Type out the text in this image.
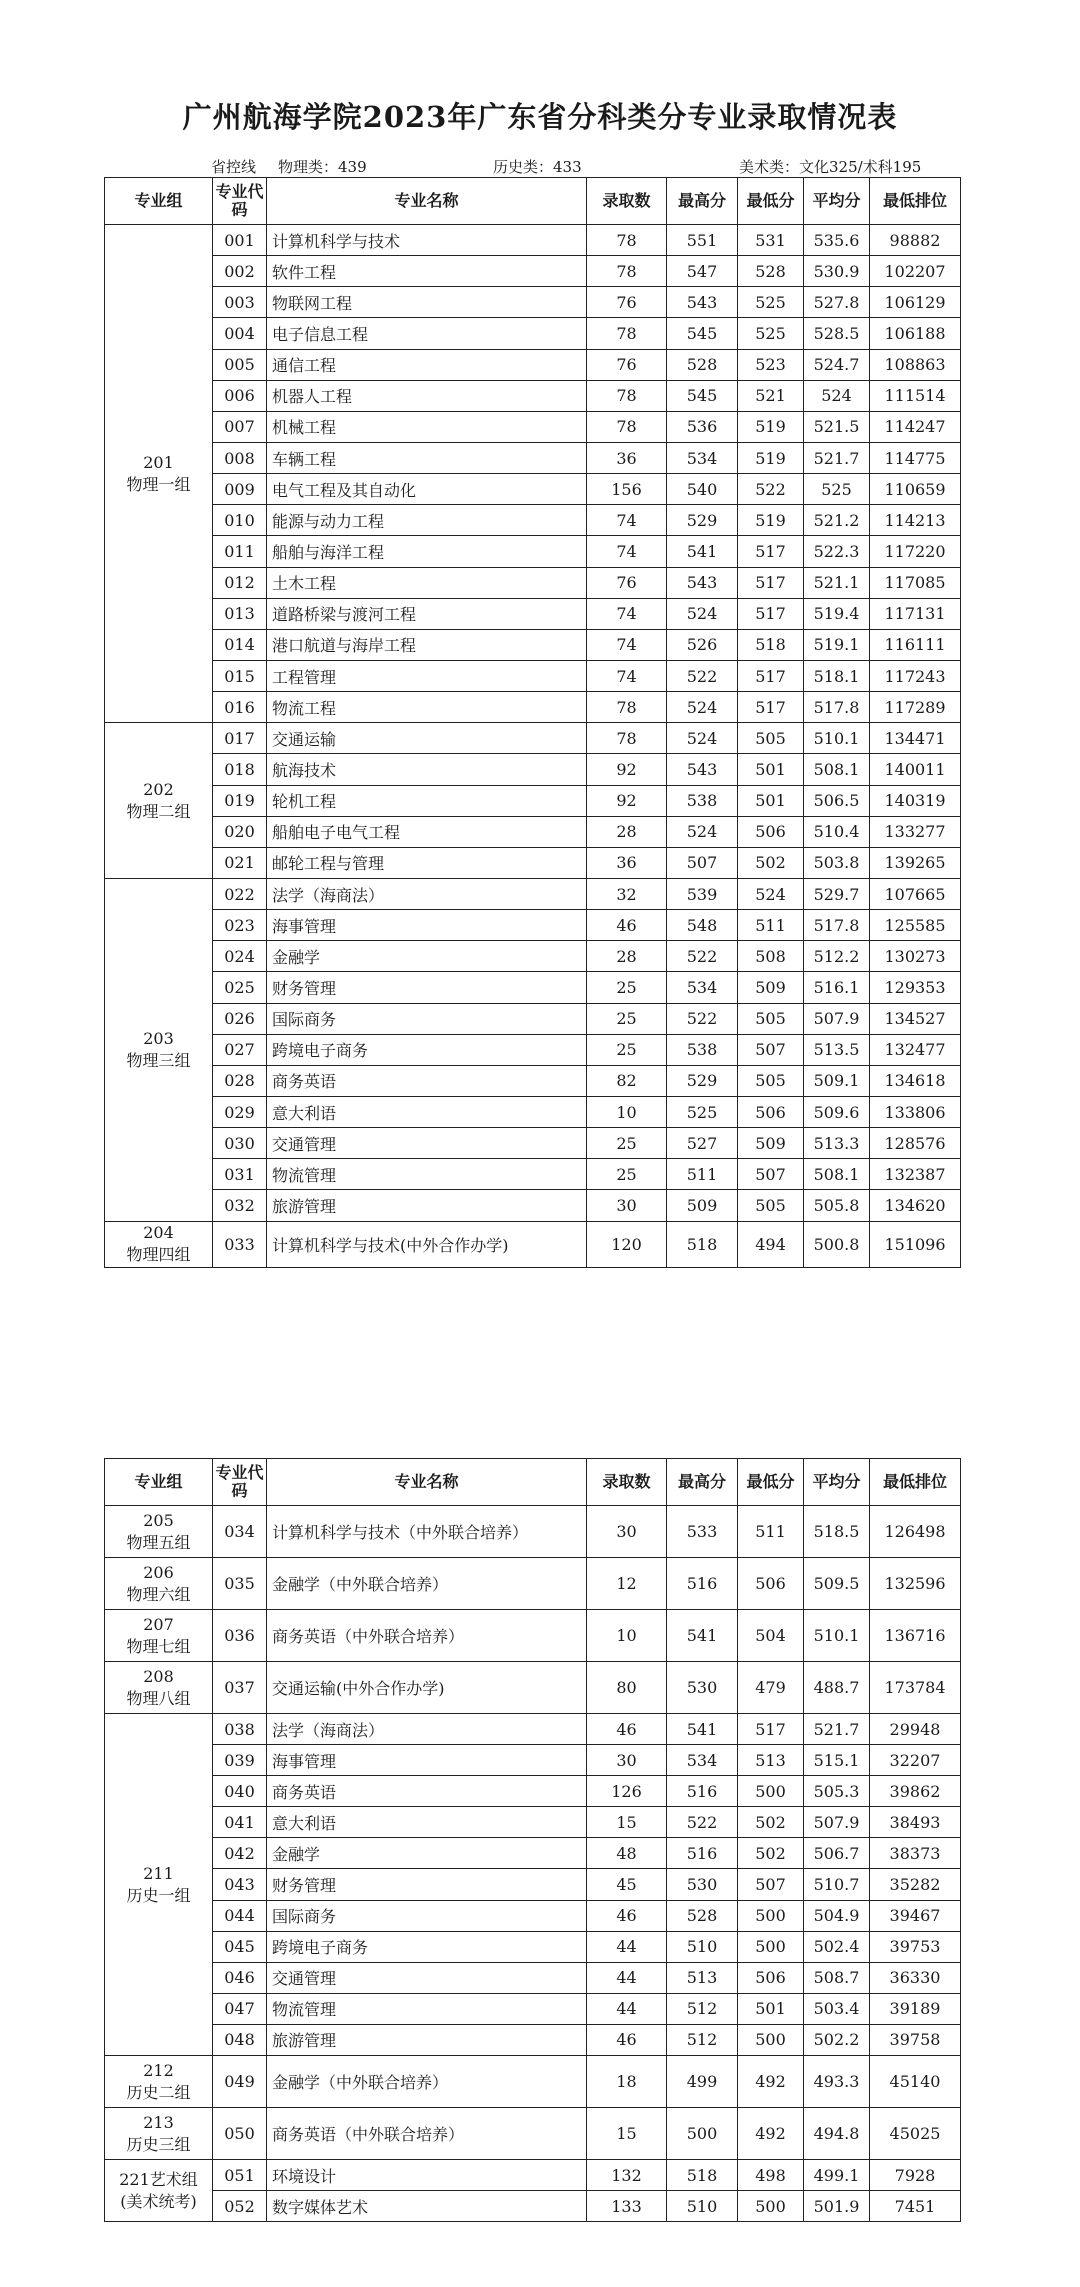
广州航海学院2023年广东省分科类分专业录取情况表
省控线 物理类：439	历史类：433	美术类：文化325/术科195
专业组	专业代码	专业名称	录取数	最高分	最低分	平均分	最低排位
201
物理一组	001	计算机科学与技术	78	551	531	535.6	98882
	002	软件工程	78	547	528	530.9	102207
	003	物联网工程	76	543	525	527.8	106129
	004	电子信息工程	78	545	525	528.5	106188
	005	通信工程	76	528	523	524.7	108863
	006	机器人工程	78	545	521	524	111514
	007	机械工程	78	536	519	521.5	114247
	008	车辆工程	36	534	519	521.7	114775
	009	电气工程及其自动化	156	540	522	525	110659
	010	能源与动力工程	74	529	519	521.2	114213
	011	船舶与海洋工程	74	541	517	522.3	117220
	012	土木工程	76	543	517	521.1	117085
	013	道路桥梁与渡河工程	74	524	517	519.4	117131
	014	港口航道与海岸工程	74	526	518	519.1	116111
	015	工程管理	74	522	517	518.1	117243
	016	物流工程	78	524	517	517.8	117289
202
物理二组	017	交通运输	78	524	505	510.1	134471
	018	航海技术	92	543	501	508.1	140011
	019	轮机工程	92	538	501	506.5	140319
	020	船舶电子电气工程	28	524	506	510.4	133277
	021	邮轮工程与管理	36	507	502	503.8	139265
203
物理三组	022	法学（海商法）	32	539	524	529.7	107665
	023	海事管理	46	548	511	517.8	125585
	024	金融学	28	522	508	512.2	130273
	025	财务管理	25	534	509	516.1	129353
	026	国际商务	25	522	505	507.9	134527
	027	跨境电子商务	25	538	507	513.5	132477
	028	商务英语	82	529	505	509.1	134618
	029	意大利语	10	525	506	509.6	133806
	030	交通管理	25	527	509	513.3	128576
	031	物流管理	25	511	507	508.1	132387
	032	旅游管理	30	509	505	505.8	134620
204
物理四组	033	计算机科学与技术(中外合作办学)	120	518	494	500.8	151096
专业组	专业代码	专业名称	录取数	最高分	最低分	平均分	最低排位
205
物理五组	034	计算机科学与技术（中外联合培养）	30	533	511	518.5	126498
206
物理六组	035	金融学（中外联合培养）	12	516	506	509.5	132596
207
物理七组	036	商务英语（中外联合培养）	10	541	504	510.1	136716
208
物理八组	037	交通运输(中外合作办学)	80	530	479	488.7	173784
211
历史一组	038	法学（海商法）	46	541	517	521.7	29948
	039	海事管理	30	534	513	515.1	32207
	040	商务英语	126	516	500	505.3	39862
	041	意大利语	15	522	502	507.9	38493
	042	金融学	48	516	502	506.7	38373
	043	财务管理	45	530	507	510.7	35282
	044	国际商务	46	528	500	504.9	39467
	045	跨境电子商务	44	510	500	502.4	39753
	046	交通管理	44	513	506	508.7	36330
	047	物流管理	44	512	501	503.4	39189
	048	旅游管理	46	512	500	502.2	39758
212
历史二组	049	金融学（中外联合培养）	18	499	492	493.3	45140
213
历史三组	050	商务英语（中外联合培养）	15	500	492	494.8	45025
221艺术组
(美术统考)	051	环境设计	132	518	498	499.1	7928
	052	数字媒体艺术	133	510	500	501.9	7451
